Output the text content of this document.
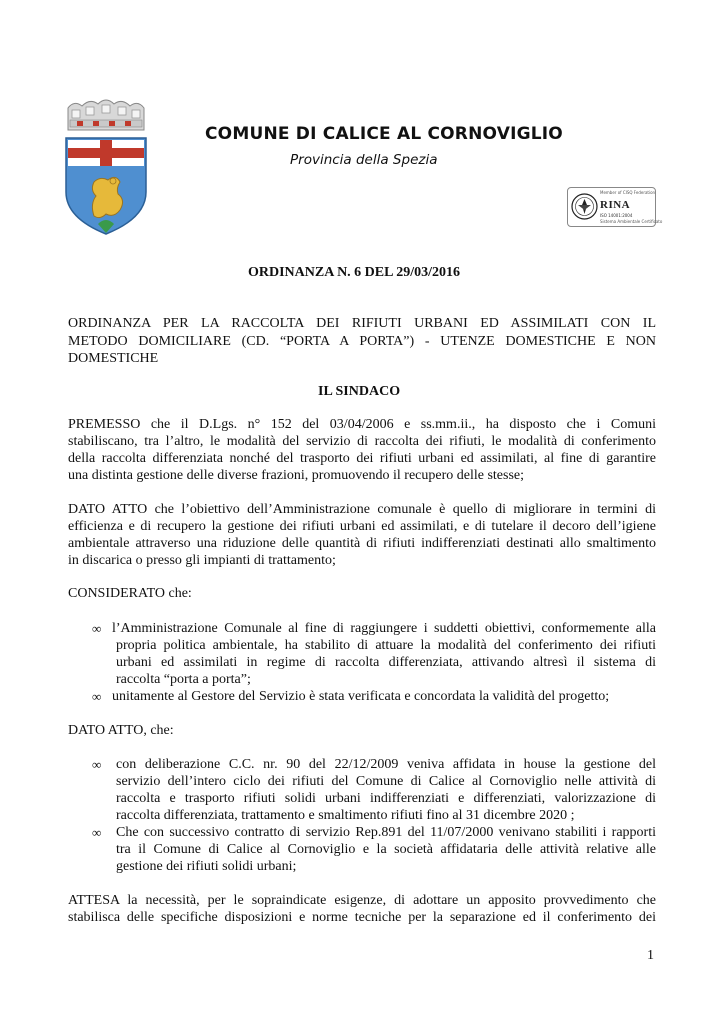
COMUNE DI CALICE AL CORNOVIGLIO
Provincia della Spezia
Member of CISQ Federation
RINA
ISO 14001:2004
Sistema Ambientale Certificato
ORDINANZA N. 6 DEL 29/03/2016
ORDINANZA PER LA RACCOLTA DEI RIFIUTI URBANI ED ASSIMILATI CON IL
METODO DOMICILIARE (CD. “PORTA A PORTA”) - UTENZE DOMESTICHE E NON
DOMESTICHE
IL SINDACO
PREMESSO che il D.Lgs. n° 152 del 03/04/2006 e ss.mm.ii., ha disposto che i Comuni
stabiliscano, tra l’altro, le modalità del servizio di raccolta dei rifiuti, le modalità di conferimento
della raccolta differenziata nonché del trasporto dei rifiuti urbani ed assimilati, al fine di garantire
una distinta gestione delle diverse frazioni, promuovendo il recupero delle stesse;
DATO ATTO che l’obiettivo dell’Amministrazione comunale è quello di migliorare in termini di
efficienza e di recupero la gestione dei rifiuti urbani ed assimilati, e di tutelare il decoro dell’igiene
ambientale attraverso una riduzione delle quantità di rifiuti indifferenziati destinati allo smaltimento
in discarica o presso gli impianti di trattamento;
CONSIDERATO che:
∞ l’Amministrazione Comunale al fine di raggiungere i suddetti obiettivi, conformemente alla
propria politica ambientale, ha stabilito di attuare la modalità del conferimento dei rifiuti
urbani ed assimilati in regime di raccolta differenziata, attivando altresì il sistema di
raccolta “porta a porta”;
∞ unitamente al Gestore del Servizio è stata verificata e concordata la validità del progetto;
DATO ATTO, che:
∞ con deliberazione C.C. nr. 90 del 22/12/2009 veniva affidata in house la gestione del
servizio dell’intero ciclo dei rifiuti del Comune di Calice al Cornoviglio nelle attività di
raccolta e trasporto rifiuti solidi urbani indifferenziati e differenziati, valorizzazione di
raccolta differenziata, trattamento e smaltimento rifiuti fino al 31 dicembre 2020 ;
∞ Che con successivo contratto di servizio Rep.891 del 11/07/2000 venivano stabiliti i rapporti
tra il Comune di Calice al Cornoviglio e la società affidataria delle attività relative alle
gestione dei rifiuti solidi urbani;
ATTESA la necessità, per le sopraindicate esigenze, di adottare un apposito provvedimento che
stabilisca delle specifiche disposizioni e norme tecniche per la separazione ed il conferimento dei
1
